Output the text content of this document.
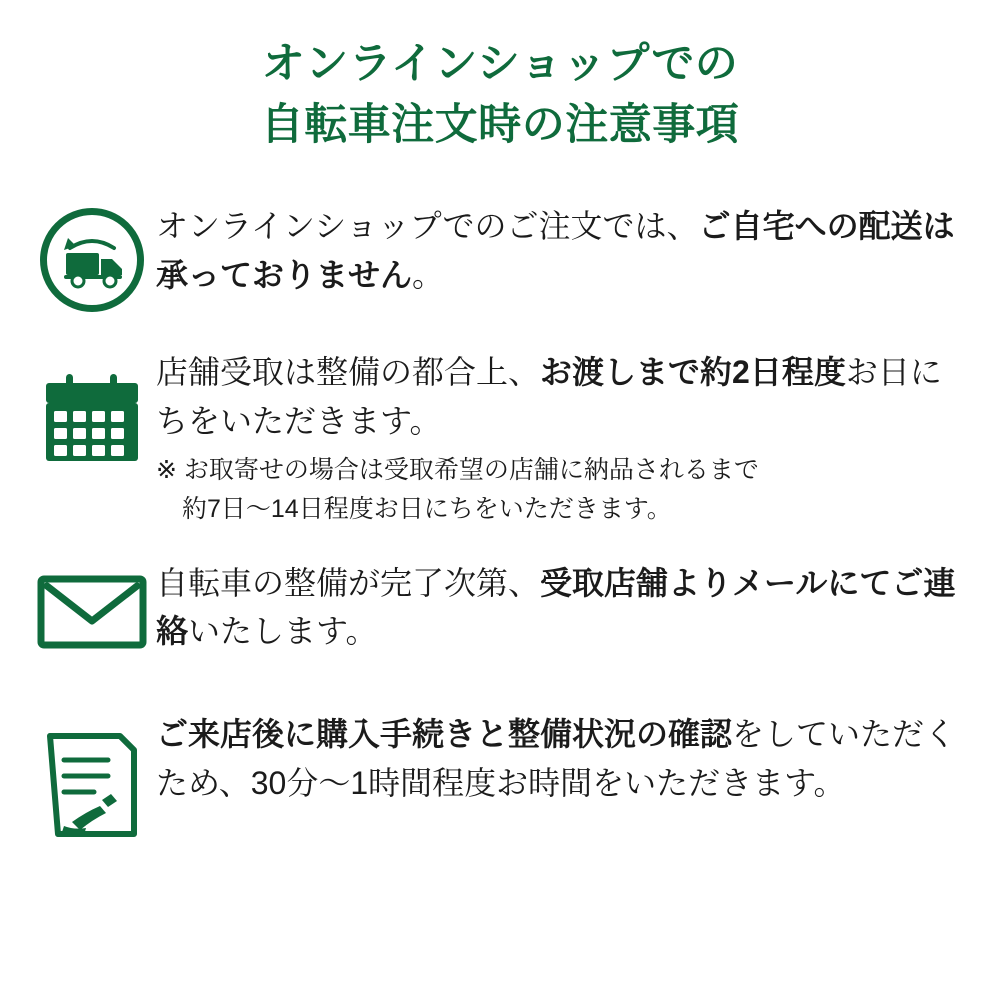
オンラインショップでの
自転車注文時の注意事項
オンラインショップでのご注文では、ご自宅への配送は承っておりません。
店舗受取は整備の都合上、お渡しまで約2日程度お日にちをいただきます。
※ お取寄せの場合は受取希望の店舗に納品されるまで
約7日〜14日程度お日にちをいただきます。
自転車の整備が完了次第、受取店舗よりメールにてご連絡いたします。
ご来店後に購入手続きと整備状況の確認をしていただくため、30分〜1時間程度お時間をいただきます。
